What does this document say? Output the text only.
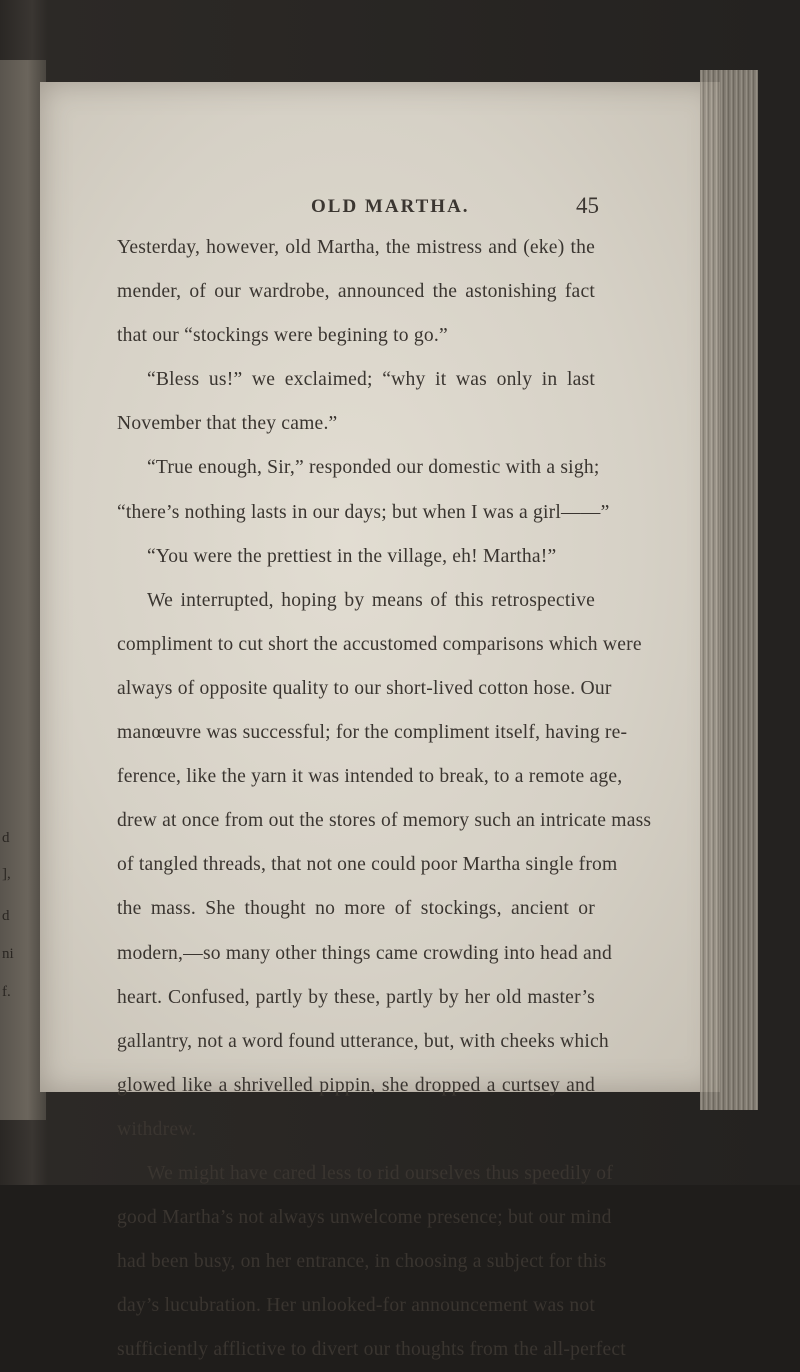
d
],
d
ni
f.
OLD MARTHA.	45
Yesterday, however, old Martha, the mistress and (eke) the
mender, of our wardrobe, announced the astonishing fact
that our “stockings were begining to go.”
“Bless us!” we exclaimed; “why it was only in last
November that they came.”
“True enough, Sir,” responded our domestic with a sigh;
“there’s nothing lasts in our days; but when I was a girl——”
“You were the prettiest in the village, eh! Martha!”
We interrupted, hoping by means of this retrospective
compliment to cut short the accustomed comparisons which were
always of opposite quality to our short-lived cotton hose. Our
manœuvre was successful; for the compliment itself, having re-
ference, like the yarn it was intended to break, to a remote age,
drew at once from out the stores of memory such an intricate mass
of tangled threads, that not one could poor Martha single from
the mass. She thought no more of stockings, ancient or
modern,—so many other things came crowding into head and
heart. Confused, partly by these, partly by her old master’s
gallantry, not a word found utterance, but, with cheeks which
glowed like a shrivelled pippin, she dropped a curtsey and
withdrew.
We might have cared less to rid ourselves thus speedily of
good Martha’s not always unwelcome presence; but our mind
had been busy, on her entrance, in choosing a subject for this
day’s lucubration. Her unlooked-for announcement was not
sufficiently afflictive to divert our thoughts from the all-perfect
